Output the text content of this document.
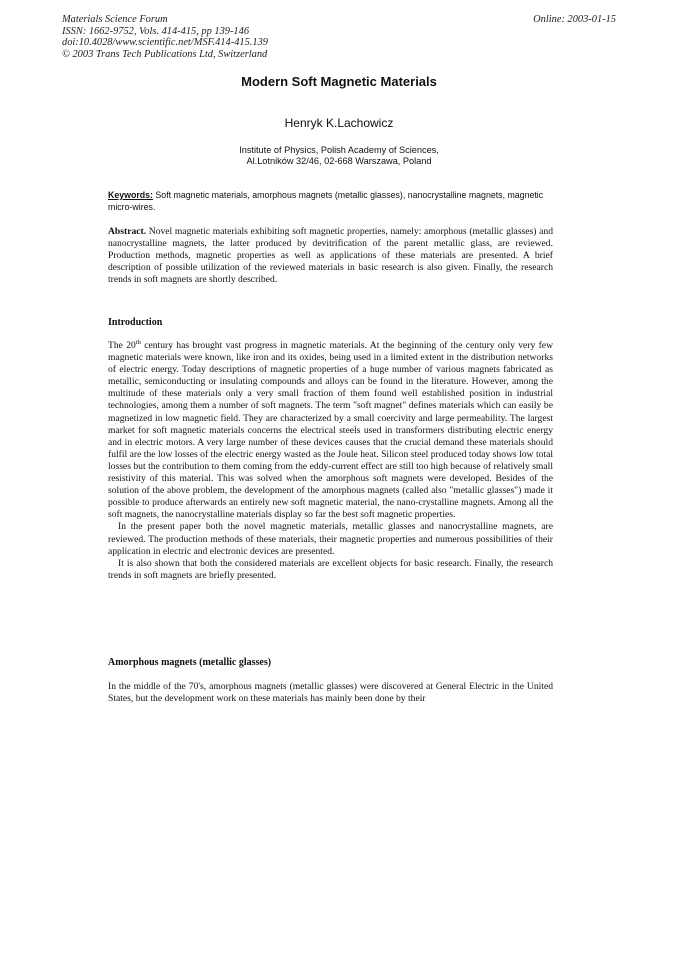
Materials Science Forum
ISSN: 1662-9752, Vols. 414-415, pp 139-146
doi:10.4028/www.scientific.net/MSF.414-415.139
© 2003 Trans Tech Publications Ltd, Switzerland
Online: 2003-01-15
Modern Soft Magnetic Materials
Henryk K.Lachowicz
Institute of Physics, Polish Academy of Sciences,
Al.Lotników 32/46, 02-668 Warszawa, Poland
Keywords: Soft magnetic materials, amorphous magnets (metallic glasses), nanocrystalline magnets, magnetic micro-wires.

Abstract. Novel magnetic materials exhibiting soft magnetic properties, namely: amorphous (metallic glasses) and nanocrystalline magnets, the latter produced by devitrification of the parent metallic glass, are reviewed. Production methods, magnetic properties as well as applications of these materials are presented. A brief description of possible utilization of the reviewed materials in basic research is also given. Finally, the research trends in soft magnets are shortly described.

Introduction

The 20th century has brought vast progress in magnetic materials. At the beginning of the century only very few magnetic materials were known, like iron and its oxides, being used in a limited extent in the distribution networks of electric energy. Today descriptions of magnetic properties of a huge number of various magnets fabricated as metallic, semiconducting or insulating compounds and alloys can be found in the literature. However, among the multitude of these materials only a very small fraction of them found well established position in industrial technologies, among them a number of soft magnets. The term "soft magnet" defines materials which can easily be magnetized in low magnetic field. They are characterized by a small coercivity and large permeability. The largest market for soft magnetic materials concerns the electrical steels used in transformers distributing electric energy and in electric motors. A very large number of these devices causes that the crucial demand these materials should fulfil are the low losses of the electric energy wasted as the Joule heat. Silicon steel produced today shows low total losses but the contribution to them coming from the eddy-current effect are still too high because of relatively small resistivity of this material. This was solved when the amorphous soft magnets were developed. Besides of the solution of the above problem, the development of the amorphous magnets (called also "metallic glasses") made it possible to produce afterwards an entirely new soft magnetic material, the nano-crystalline magnets. Among all the soft magnets, the nanocrystalline materials display so far the best soft magnetic properties.

In the present paper both the novel magnetic materials, metallic glasses and nanocrystalline magnets, are reviewed. The production methods of these materials, their magnetic properties and numerous possibilities of their application in electric and electronic devices are presented.

It is also shown that both the considered materials are excellent objects for basic research. Finally, the research trends in soft magnets are briefly presented.

Amorphous magnets (metallic glasses)

In the middle of the 70's, amorphous magnets (metallic glasses) were discovered at General Electric in the United States, but the development work on these materials has mainly been done by their
